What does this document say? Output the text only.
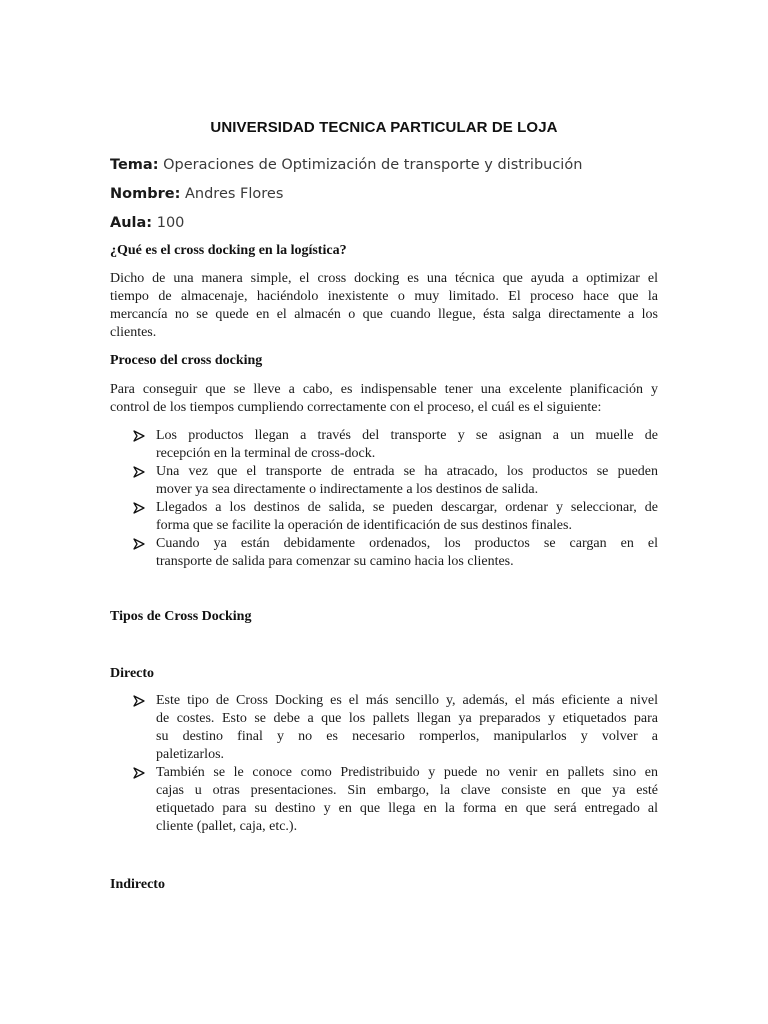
UNIVERSIDAD TECNICA PARTICULAR DE LOJA
Tema: Operaciones de Optimización de transporte y distribución
Nombre: Andres Flores
Aula: 100
¿Qué es el cross docking en la logística?
Dicho de una manera simple, el cross docking es una técnica que ayuda a optimizar el
tiempo de almacenaje, haciéndolo inexistente o muy limitado. El proceso hace que la
mercancía no se quede en el almacén o que cuando llegue, ésta salga directamente a los
clientes.
Proceso del cross docking
Para conseguir que se lleve a cabo, es indispensable tener una excelente planificación y
control de los tiempos cumpliendo correctamente con el proceso, el cuál es el siguiente:
Los productos llegan a través del transporte y se asignan a un muelle de
recepción en la terminal de cross-dock.
Una vez que el transporte de entrada se ha atracado, los productos se pueden
mover ya sea directamente o indirectamente a los destinos de salida.
Llegados a los destinos de salida, se pueden descargar, ordenar y seleccionar, de
forma que se facilite la operación de identificación de sus destinos finales.
Cuando ya están debidamente ordenados, los productos se cargan en el
transporte de salida para comenzar su camino hacia los clientes.
Tipos de Cross Docking
Directo
Este tipo de Cross Docking es el más sencillo y, además, el más eficiente a nivel
de costes. Esto se debe a que los pallets llegan ya preparados y etiquetados para
su destino final y no es necesario romperlos, manipularlos y volver a
paletizarlos.
También se le conoce como Predistribuido y puede no venir en pallets sino en
cajas u otras presentaciones. Sin embargo, la clave consiste en que ya esté
etiquetado para su destino y en que llega en la forma en que será entregado al
cliente (pallet, caja, etc.).
Indirecto
